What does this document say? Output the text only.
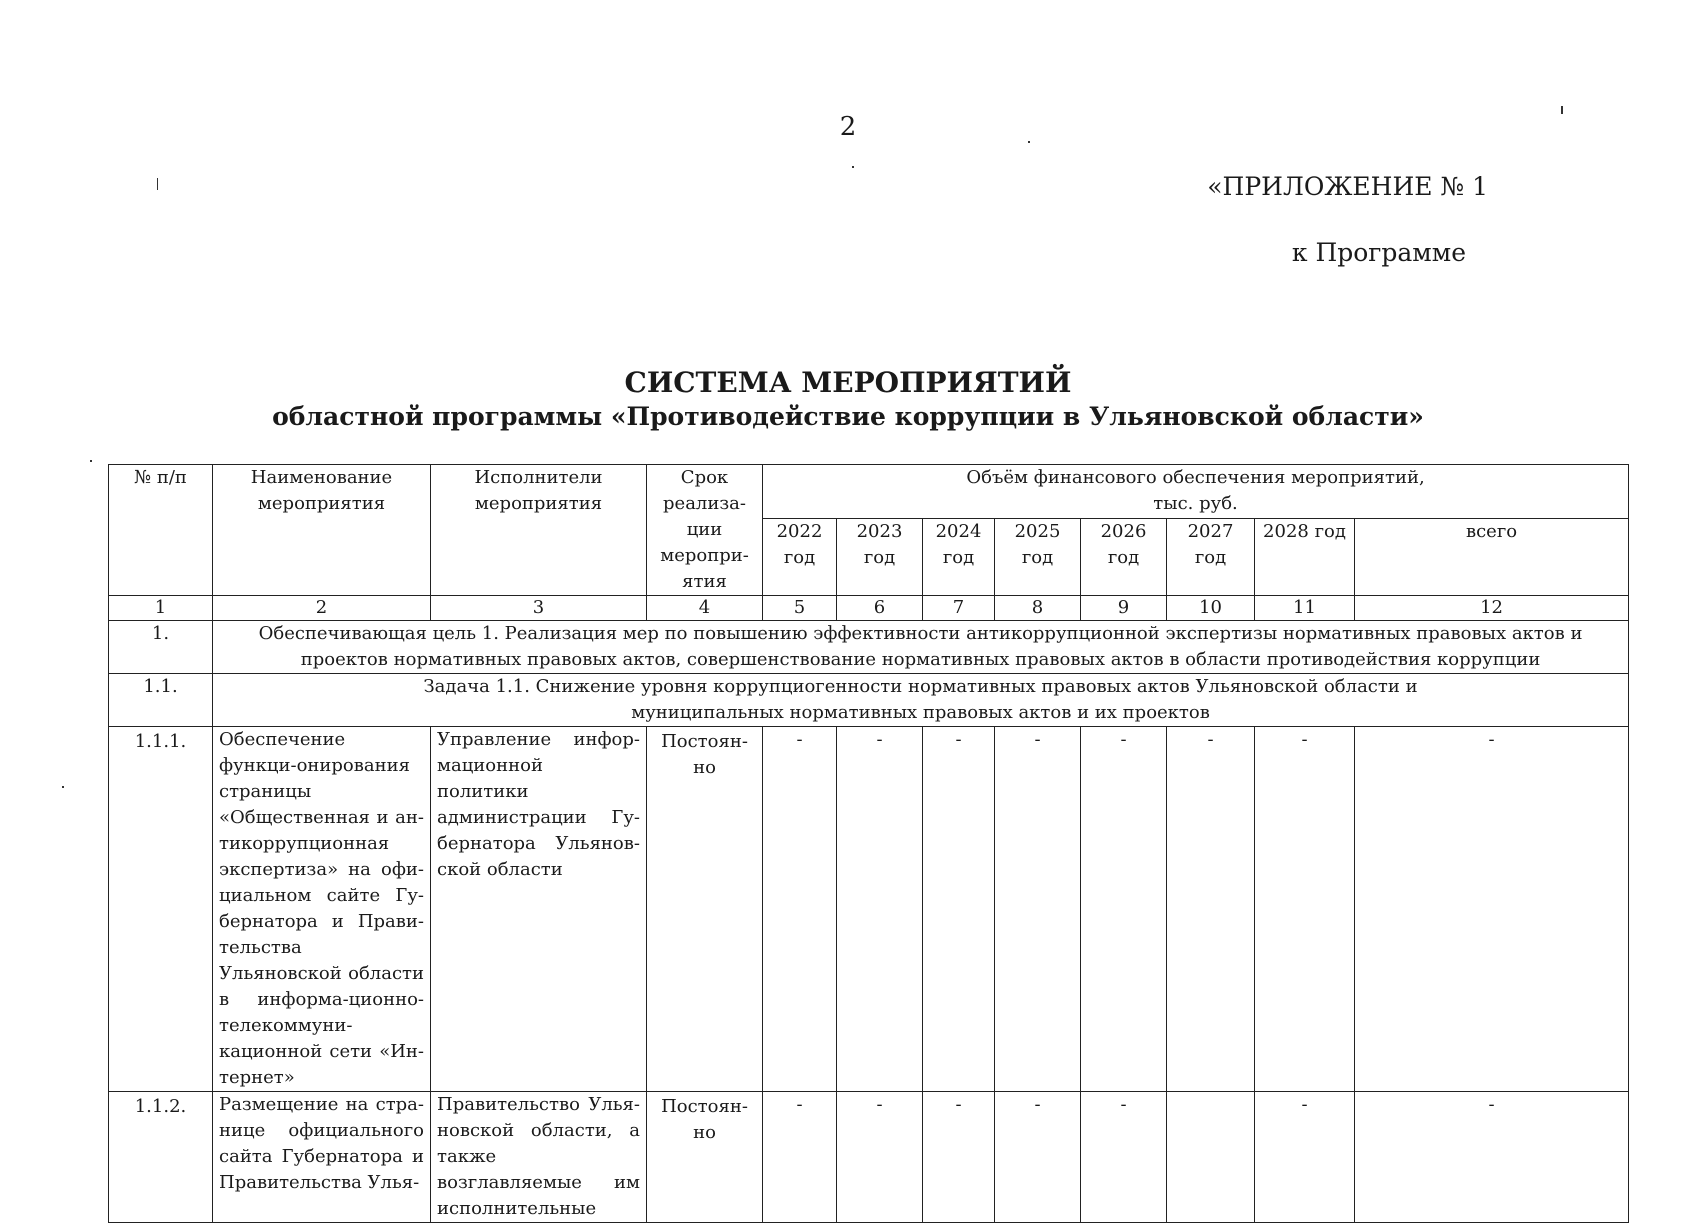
2
«ПРИЛОЖЕНИЕ № 1
к Программе
СИСТЕМА МЕРОПРИЯТИЙ
областной программы «Противодействие коррупции в Ульяновской области»
№ п/п	Наименование мероприятия	Исполнители мероприятия	Срок реализа-ции меропри-ятия	Объём финансового обеспечения мероприятий, тыс. руб.							
				2022 год	2023 год	2024 год	2025 год	2026 год	2027 год	2028 год	всего
1	2	3	4	5	6	7	8	9	10	11	12
1.	Обеспечивающая цель 1. Реализация мер по повышению эффективности антикоррупционной экспертизы нормативных правовых актов и проектов нормативных правовых актов, совершенствование нормативных правовых актов в области противодействия коррупции										
1.1.	Задача 1.1. Снижение уровня коррупциогенности нормативных правовых актов Ульяновской области и муниципальных нормативных правовых актов и их проектов										
1.1.1.	Обеспечение функци-онирования страницы «Общественная и ан-тикоррупционная экспертиза» на офи-циальном сайте Гу-бернатора и Прави-тельства Ульяновской области в информа-ционно-телекоммуни-кационной сети «Ин-тернет»	Управление инфор-мационной политики администрации Гу-бернатора Ульянов-ской области	Постоян-но	-	-	-	-	-	-	-	-
1.1.2.	Размещение на стра-нице официального сайта Губернатора и Правительства Улья-	Правительство Улья-новской области, а также возглавляемые им исполнительные	Постоян-но	-	-	-	-	-		-	-
